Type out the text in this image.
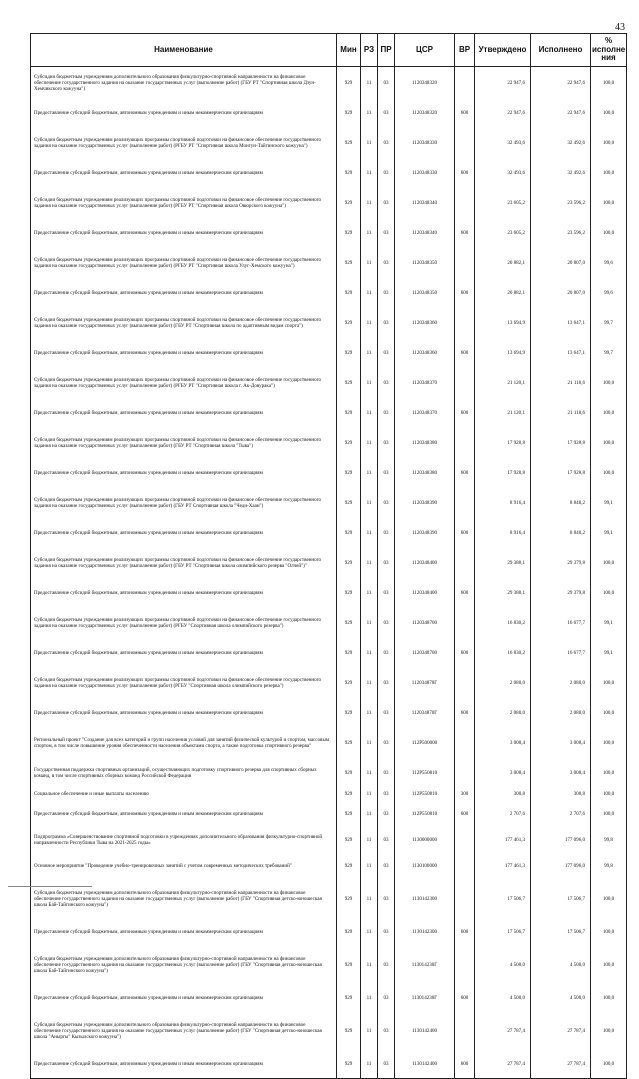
43
Наименование	Мин	РЗ	ПР	ЦСР	ВР	Утверждено	Исполнено	% исполне ния
Субсидии бюджетным учреждениям дополнительного образования физкультурно-спортивной направленности на финансовое обеспечение государственного задания на оказание государственных услуг (выполнение работ) (ГБУ РТ "Спортивная школа Дзун-Хемчикского кожууна")	929	11	03	1120348320		22 947,6	22 947,6	100,0
Предоставление субсидий бюджетным, автономным учреждениям и иным некоммерческим организациям	929	11	03	1120348320	600	22 947,6	22 947,6	100,0
Субсидии бюджетным учреждениям реализующих программы спортивной подготовки на финансовое обеспечение государственного задания на оказание государственных услуг (выполнение работ) (РГБУ РТ "Спортивная школа Монгун-Тайгинского кожууна")	929	11	03	1120348330		32 493,6	32 492,6	100,0
Предоставление субсидий бюджетным, автономным учреждениям и иным некоммерческим организациям	929	11	03	1120348330	600	32 493,6	32 492,6	100,0
Субсидии бюджетным учреждениям реализующих программы спортивной подготовки на финансовое обеспечение государственного задания на оказание государственных услуг (выполнение работ) (РГБУ РТ "Спортивная школа Овюрского кожууна")	929	11	03	1120348340		23 605,2	23 596,2	100,0
Предоставление субсидий бюджетным, автономным учреждениям и иным некоммерческим организациям	929	11	03	1120348340	600	23 605,2	23 596,2	100,0
Субсидии бюджетным учреждениям реализующих программы спортивной подготовки на финансовое обеспечение государственного задания на оказание государственных услуг (выполнение работ) (РГБУ РТ "Спортивная школа Улуг-Хемского кожууна")	929	11	03	1120348350		20 882,1	20 807,0	99,6
Предоставление субсидий бюджетным, автономным учреждениям и иным некоммерческим организациям	929	11	03	1120348350	600	20 882,1	20 807,0	99,6
Субсидии бюджетным учреждениям реализующих программы спортивной подготовки на финансовое обеспечение государственного задания на оказание государственных услуг (выполнение работ) (ГБУ РТ "Спортивная школа по адаптивным видам спорта")	929	11	03	1120348360		13 694,9	13 647,1	99,7
Предоставление субсидий бюджетным, автономным учреждениям и иным некоммерческим организациям	929	11	03	1120348360	600	13 694,9	13 647,1	99,7
Субсидии бюджетным учреждениям реализующих программы спортивной подготовки на финансовое обеспечение государственного задания на оказание государственных услуг (выполнение работ) (РГБУ РТ "Спортивная школа г. Ак-Довурака")	929	11	03	1120348370		21 120,1	21 118,6	100,0
Предоставление субсидий бюджетным, автономным учреждениям и иным некоммерческим организациям	929	11	03	1120348370	600	21 120,1	21 118,6	100,0
Субсидии бюджетным учреждениям реализующих программы спортивной подготовки на финансовое обеспечение государственного задания на оказание государственных услуг (выполнение работ) (ГБУ РТ "Спортивная школа "Тыва")	929	11	03	1120348380		17 928,8	17 928,8	100,0
Предоставление субсидий бюджетным, автономным учреждениям и иным некоммерческим организациям	929	11	03	1120348380	600	17 928,8	17 928,8	100,0
Субсидии бюджетным учреждениям реализующих программы спортивной подготовки на финансовое обеспечение государственного задания на оказание государственных услуг (выполнение работ) (ГБУ РТ Спортивная школа "Чеди-Хаан")	929	11	03	1120348390		8 916,4	8 840,2	99,1
Предоставление субсидий бюджетным, автономным учреждениям и иным некоммерческим организациям	929	11	03	1120348390	600	8 916,4	8 840,2	99,1
Субсидии бюджетным учреждениям реализующих программы спортивной подготовки на финансовое обеспечение государственного задания на оказание государственных услуг (выполнение работ) (ГБУ РТ "Спортивная школа олимпийского резерва "Олчей")"	929	11	03	1120348400		29 388,1	29 379,8	100,0
Предоставление субсидий бюджетным, автономным учреждениям и иным некоммерческим организациям	929	11	03	1120348400	600	29 388,1	29 379,8	100,0
Субсидии бюджетным учреждениям реализующих программы спортивной подготовки на финансовое обеспечение государственного задания на оказание государственных услуг (выполнение работ) (РГБУ "Спортивная школа олимпийского резерва")	929	11	03	1120348700		16 830,2	16 677,7	99,1
Предоставление субсидий бюджетным, автономным учреждениям и иным некоммерческим организациям	929	11	03	1120348700	600	16 830,2	16 677,7	99,1
Субсидии бюджетным учреждениям реализующих программы спортивной подготовки на финансовое обеспечение государственного задания на оказание государственных услуг (выполнение работ) (РГБУ "Спортивная школа олимпийского резерва")	929	11	03	112034870Г		2 080,0	2 080,0	100,0
Предоставление субсидий бюджетным, автономным учреждениям и иным некоммерческим организациям	929	11	03	112034870Г	600	2 080,0	2 080,0	100,0
Региональный проект "Создание для всех категорий и групп населения условий для занятий физической культурой и спортом, массовым спортом, в том числе повышение уровня обеспеченности населения объектами спорта, а также подготовка спортивного резерва"	929	11	03	112P500000		3 008,4	3 008,4	100,0
Государственная поддержка спортивных организаций, осуществляющих подготовку спортивного резерва для спортивных сборных команд, в том числе спортивных сборных команд Российской Федерации	929	11	03	112P550810		3 008,4	3 008,4	100,0
Социальное обеспечение и иные выплаты населению	929	11	03	112P550810	300	300,8	300,8	100,0
Предоставление субсидий бюджетным, автономным учреждениям и иным некоммерческим организациям	929	11	03	112P550810	600	2 707,6	2 707,6	100,0
Подпрограмма «Совершенствование спортивной подготовки в учреждениях дополнительного образования физкультурно-спортивной направленности Республики Тыва на 2021-2025 годы»	929	11	03	1130000000		177 461,3	177 096,0	99,8
Основное мероприятие "Проведение учебно-тренировочных занятий с учетом современных методических требований"	929	11	03	1130100000		177 461,3	177 096,0	99,8
Субсидии бюджетным учреждениям дополнительного образования физкультурно-спортивной направленности на финансовое обеспечение государственного задания на оказание государственных услуг (выполнение работ) (ГБУ "Спортивная детско-юношеская школа Бай-Тайгинского кожууна")	929	11	03	1130142300		17 506,7	17 506,7	100,0
Предоставление субсидий бюджетным, автономным учреждениям и иным некоммерческим организациям	929	11	03	1130142300	600	17 506,7	17 506,7	100,0
Субсидии бюджетным учреждениям дополнительного образования физкультурно-спортивной направленности на финансовое обеспечение государственного задания на оказание государственных услуг (выполнение работ) (ГБУ "Спортивная детско-юношеская школа Бай-Тайгинского кожууна")	929	11	03	113014230Г		4 500,0	4 500,0	100,0
Предоставление субсидий бюджетным, автономным учреждениям и иным некоммерческим организациям	929	11	03	113014230Г	600	4 500,0	4 500,0	100,0
Субсидии бюджетным учреждениям дополнительного образования физкультурно-спортивной направленности на финансовое обеспечение государственного задания на оказание государственных услуг (выполнение работ) (ГБУ "Спортивная детско-юношеская школа "Аныргы" Кызылского кожууна")	929	11	03	1130142400		27 787,4	27 787,4	100,0
Предоставление субсидий бюджетным, автономным учреждениям и иным некоммерческим организациям	929	11	03	1130142400	600	27 787,4	27 787,4	100,0
